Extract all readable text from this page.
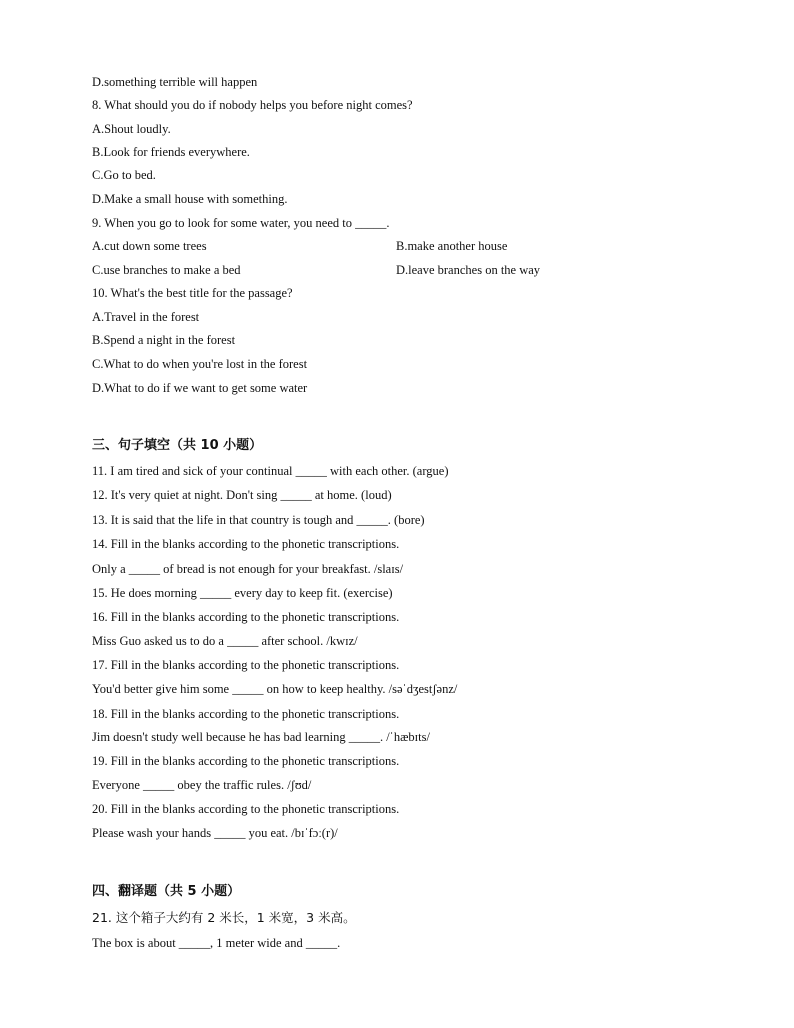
D.something terrible will happen
8. What should you do if nobody helps you before night comes?
A.Shout loudly.
B.Look for friends everywhere.
C.Go to bed.
D.Make a small house with something.
9. When you go to look for some water, you need to _____.
A.cut down some trees	B.make another house
C.use branches to make a bed	D.leave branches on the way
10. What's the best title for the passage?
A.Travel in the forest
B.Spend a night in the forest
C.What to do when you're lost in the forest
D.What to do if we want to get some water
三、句子填空（共 10 小题）
11. I am tired and sick of your continual _____ with each other. (argue)
12. It's very quiet at night. Don't sing _____ at home. (loud)
13. It is said that the life in that country is tough and _____. (bore)
14. Fill in the blanks according to the phonetic transcriptions.
Only a _____ of bread is not enough for your breakfast. /slaɪs/
15. He does morning _____ every day to keep fit. (exercise)
16. Fill in the blanks according to the phonetic transcriptions.
Miss Guo asked us to do a _____ after school. /kwɪz/
17. Fill in the blanks according to the phonetic transcriptions.
You'd better give him some _____ on how to keep healthy. /səˈdʒestʃənz/
18. Fill in the blanks according to the phonetic transcriptions.
Jim doesn't study well because he has bad learning _____. /ˈhæbɪts/
19. Fill in the blanks according to the phonetic transcriptions.
Everyone _____ obey the traffic rules. /ʃʊd/
20. Fill in the blanks according to the phonetic transcriptions.
Please wash your hands _____ you eat. /bɪˈfɔː(r)/
四、翻译题（共 5 小题）
21. 这个箱子大约有 2 米长，1 米宽，3 米高。
The box is about _____, 1 meter wide and _____.
